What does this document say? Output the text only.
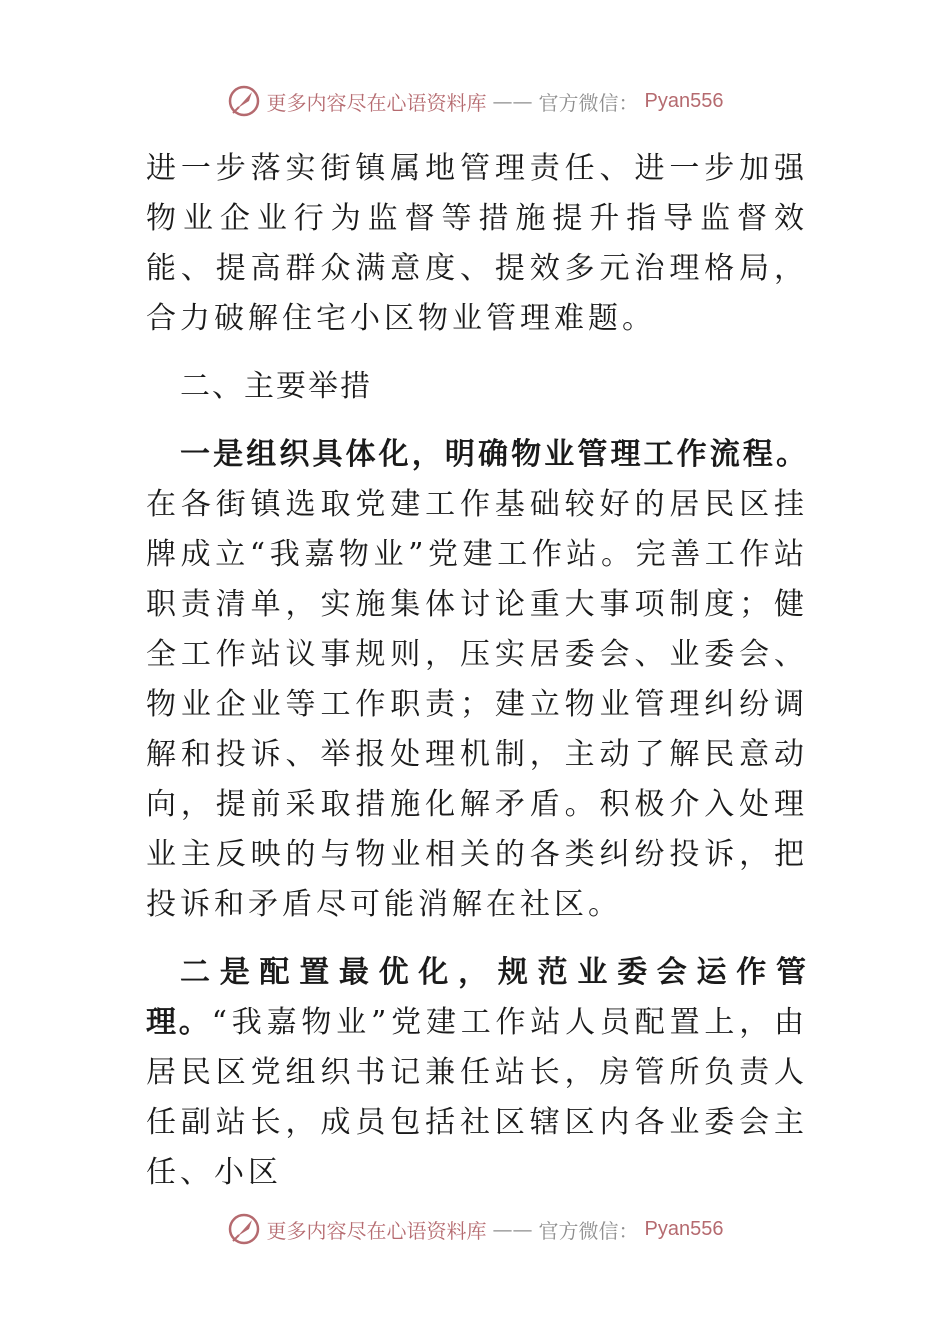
更多内容尽在心语资料库 —— 官方微信： Pyan556

进一步落实街镇属地管理责任、进一步加强物业企业行为监督等措施提升指导监督效能、提高群众满意度、提效多元治理格局，合力破解住宅小区物业管理难题。

二、主要举措

一是组织具体化，明确物业管理工作流程。在各街镇选取党建工作基础较好的居民区挂牌成立“我嘉物业”党建工作站。完善工作站职责清单，实施集体讨论重大事项制度；健全工作站议事规则，压实居委会、业委会、物业企业等工作职责；建立物业管理纠纷调解和投诉、举报处理机制，主动了解民意动向，提前采取措施化解矛盾。积极介入处理业主反映的与物业相关的各类纠纷投诉，把投诉和矛盾尽可能消解在社区。

二是配置最优化，规范业委会运作管理。“我嘉物业”党建工作站人员配置上，由居民区党组织书记兼任站长，房管所负责人任副站长，成员包括社区辖区内各业委会主任、小区

更多内容尽在心语资料库 —— 官方微信： Pyan556
